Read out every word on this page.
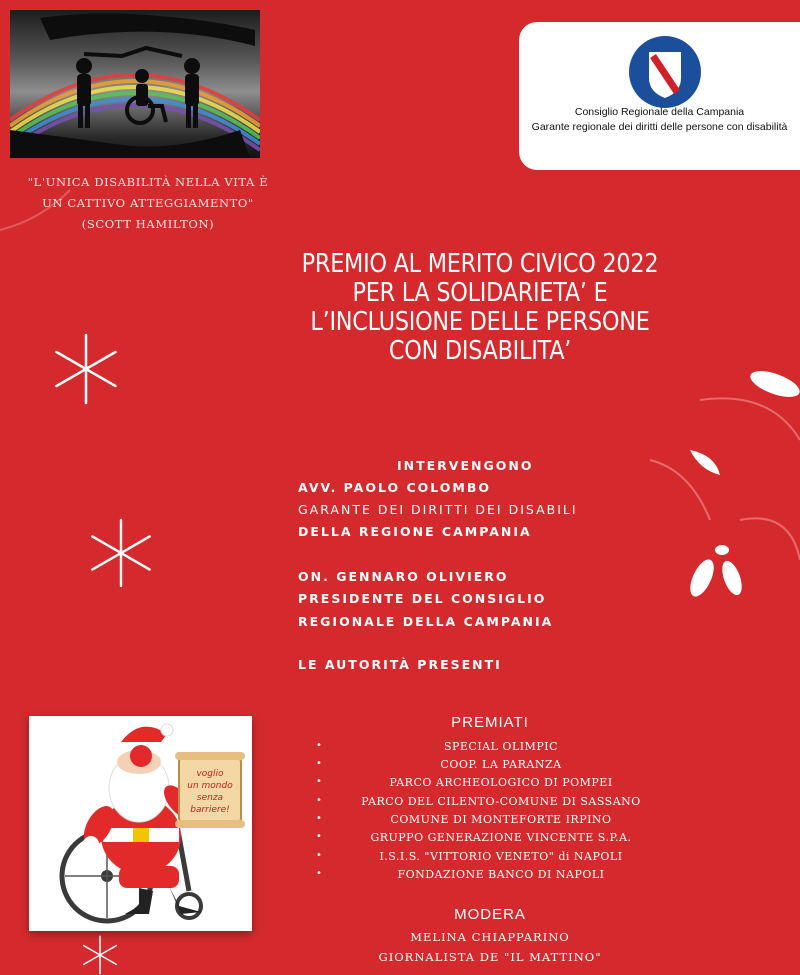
"L'UNICA DISABILITÀ NELLA VITA È
UN CATTIVO ATTEGGIAMENTO"
(SCOTT HAMILTON)
Consiglio Regionale della Campania
Garante regionale dei diritti delle persone con disabilità
PREMIO AL MERITO CIVICO 2022
PER LA SOLIDARIETA’ E
L’INCLUSIONE DELLE PERSONE
CON DISABILITA’
INTERVENGONO
AVV. PAOLO COLOMBO
GARANTE DEI DIRITTI DEI DISABILI
DELLA REGIONE CAMPANIA
ON. GENNARO OLIVIERO
PRESIDENTE DEL CONSIGLIO
REGIONALE DELLA CAMPANIA
LE AUTORITÀ PRESENTI
PREMIATI
•	SPECIAL OLIMPIC
•	COOP. LA PARANZA
•	PARCO ARCHEOLOGICO DI POMPEI
•	PARCO DEL CILENTO-COMUNE DI SASSANO
•	COMUNE DI MONTEFORTE IRPINO
•	GRUPPO GENERAZIONE VINCENTE S.P.A.
•	I.S.I.S. "VITTORIO VENETO" di NAPOLI
•	FONDAZIONE BANCO DI NAPOLI
MODERA
MELINA CHIAPPARINO
GIORNALISTA DE "IL MATTINO"
voglio
un mondo
senza
barriere!
